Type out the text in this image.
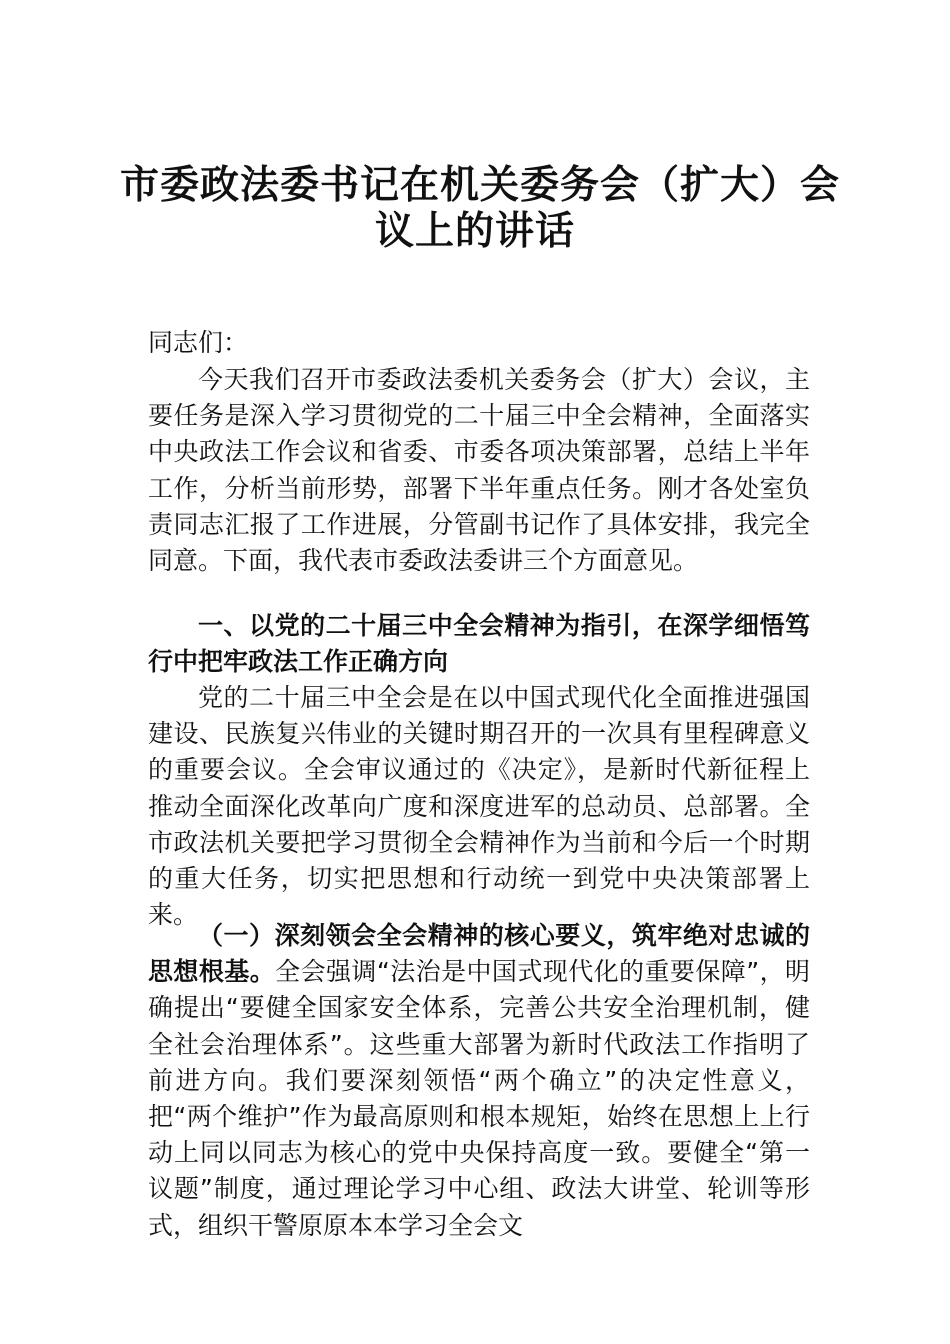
市委政法委书记在机关委务会（扩大）会
议上的讲话
同志们：

今天我们召开市委政法委机关委务会（扩大）会议，主要任务是深入学习贯彻党的二十届三中全会精神，全面落实中央政法工作会议和省委、市委各项决策部署，总结上半年工作，分析当前形势，部署下半年重点任务。刚才各处室负责同志汇报了工作进展，分管副书记作了具体安排，我完全同意。下面，我代表市委政法委讲三个方面意见。

一、以党的二十届三中全会精神为指引，在深学细悟笃行中把牢政法工作正确方向

党的二十届三中全会是在以中国式现代化全面推进强国建设、民族复兴伟业的关键时期召开的一次具有里程碑意义的重要会议。全会审议通过的《决定》，是新时代新征程上推动全面深化改革向广度和深度进军的总动员、总部署。全市政法机关要把学习贯彻全会精神作为当前和今后一个时期的重大任务，切实把思想和行动统一到党中央决策部署上来。

（一）深刻领会全会精神的核心要义，筑牢绝对忠诚的思想根基。全会强调“法治是中国式现代化的重要保障”，明确提出“要健全国家安全体系，完善公共安全治理机制，健全社会治理体系”。这些重大部署为新时代政法工作指明了前进方向。我们要深刻领悟“两个确立”的决定性意义，把“两个维护”作为最高原则和根本规矩，始终在思想上上行动上同以同志为核心的党中央保持高度一致。要健全“第一议题”制度，通过理论学习中心组、政法大讲堂、轮训等形式，组织干警原原本本学习全会文
